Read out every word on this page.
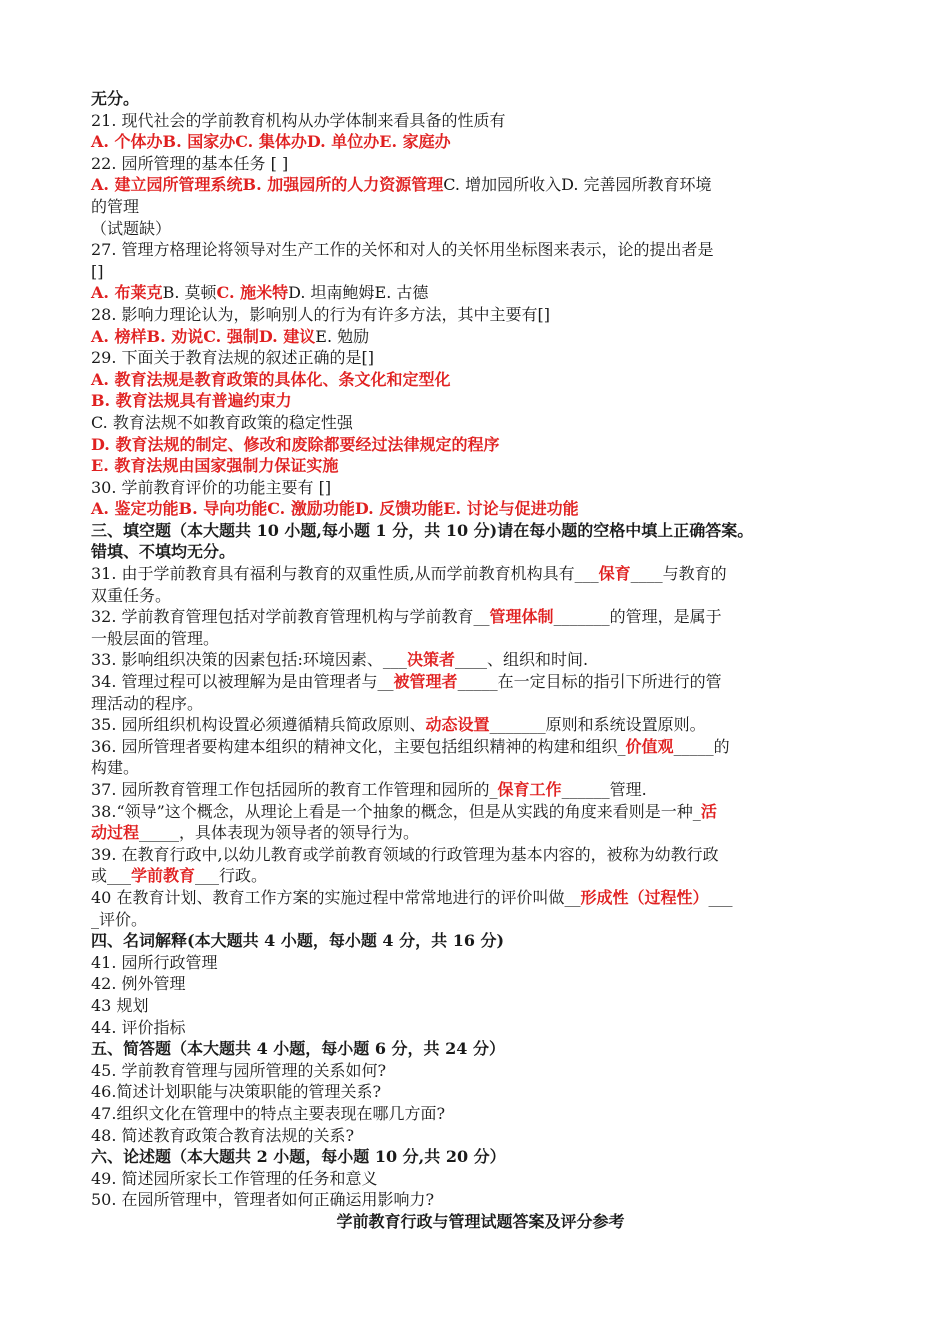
无分。
21. 现代社会的学前教育机构从办学体制来看具备的性质有
A. 个体办B. 国家办C. 集体办D. 单位办E. 家庭办
22. 园所管理的基本任务 [ ]
A. 建立园所管理系统B. 加强园所的人力资源管理C. 增加园所收入D. 完善园所教育环境
的管理
（试题缺）
27. 管理方格理论将领导对生产工作的关怀和对人的关怀用坐标图来表示，论的提出者是
[]
A. 布莱克B. 莫顿C. 施米特D. 坦南鲍姆E. 古德
28. 影响力理论认为，影响别人的行为有许多方法，其中主要有[]
A. 榜样B. 劝说C. 强制D. 建议E. 勉励
29. 下面关于教育法规的叙述正确的是[]
A. 教育法规是教育政策的具体化、条文化和定型化
B. 教育法规具有普遍约束力
C. 教育法规不如教育政策的稳定性强
D. 教育法规的制定、修改和废除都要经过法律规定的程序
E. 教育法规由国家强制力保证实施
30. 学前教育评价的功能主要有 []
A. 鉴定功能B. 导向功能C. 激励功能D. 反馈功能E. 讨论与促进功能
三、填空题（本大题共 10 小题,每小题 1 分，共 10 分)请在每小题的空格中填上正确答案。
错填、不填均无分。
31. 由于学前教育具有福利与教育的双重性质,从而学前教育机构具有___保育____与教育的
双重任务。
32. 学前教育管理包括对学前教育管理机构与学前教育__管理体制_______的管理，是属于
一般层面的管理。
33. 影响组织决策的因素包括:环境因素、___决策者____、组织和时间.
34. 管理过程可以被理解为是由管理者与__被管理者_____在一定目标的指引下所进行的管
理活动的程序。
35. 园所组织机构设置必须遵循精兵简政原则、动态设置_______原则和系统设置原则。
36. 园所管理者要构建本组织的精神文化，主要包括组织精神的构建和组织_价值观_____的
构建。
37. 园所教育管理工作包括园所的教育工作管理和园所的_保育工作______管理.
38.“领导”这个概念，从理论上看是一个抽象的概念，但是从实践的角度来看则是一种_活
动过程_____，具体表现为领导者的领导行为。
39. 在教育行政中,以幼儿教育或学前教育领域的行政管理为基本内容的，被称为幼教行政
或___学前教育___行政。
40 在教育计划、教育工作方案的实施过程中常常地进行的评价叫做__形成性（过程性）___
_评价。
四、名词解释(本大题共 4 小题，每小题 4 分，共 16 分)
41. 园所行政管理
42. 例外管理
43 规划
44. 评价指标
五、简答题（本大题共 4 小题，每小题 6 分，共 24 分）
45. 学前教育管理与园所管理的关系如何?
46.简述计划职能与决策职能的管理关系?
47.组织文化在管理中的特点主要表现在哪几方面?
48. 简述教育政策合教育法规的关系?
六、论述题（本大题共 2 小题，每小题 10 分,共 20 分）
49. 简述园所家长工作管理的任务和意义
50. 在园所管理中，管理者如何正确运用影响力?
学前教育行政与管理试题答案及评分参考
